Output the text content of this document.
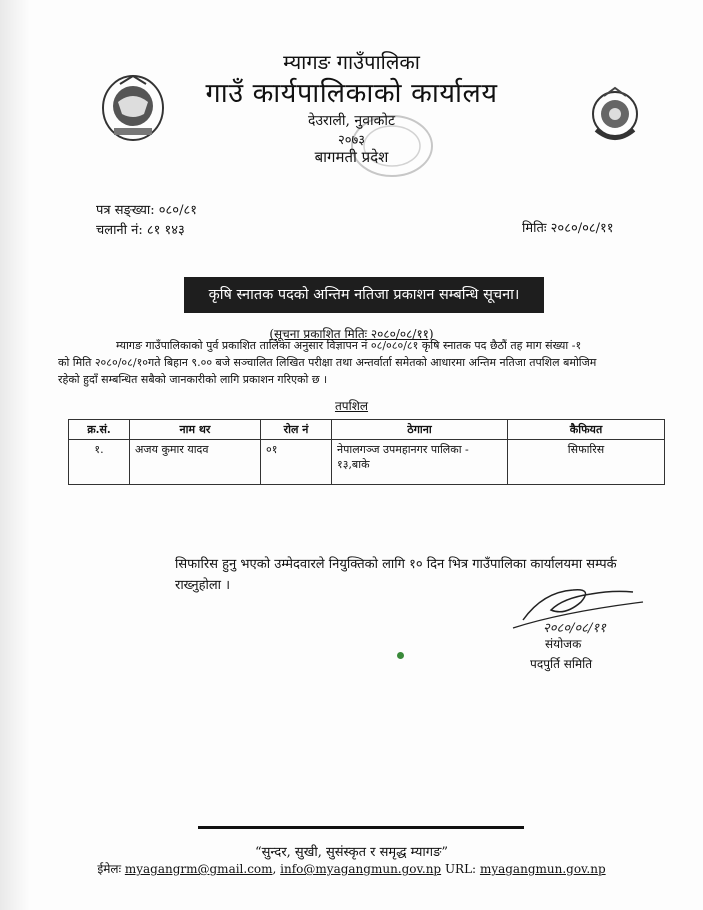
म्यागङ गाउँपालिका
गाउँ कार्यपालिकाको कार्यालय
देउराली, नुवाकोट
२०७३
बागमती प्रदेश
पत्र सङ्ख्या: ०८०/८१
चलानी नं: ८१ १४३	मितिः २०८०/०८/११
कृषि स्नातक पदको अन्तिम नतिजा प्रकाशन सम्बन्धि सूचना।
(सूचना प्रकाशित मितिः २०८०/०८/११)
म्यागङ गाउँपालिकाको पुर्व प्रकाशित तालिका अनुसार विज्ञापन नं ०८/०८०/८१ कृषि स्नातक पद छैठौं तह माग संख्या -१
को मिति २०८०/०८/१०गते बिहान ९.०० बजे सञ्चालित लिखित परीक्षा तथा अन्तर्वार्ता समेतको आधारमा अन्तिम नतिजा तपशिल बमोजिम
रहेको हुदाँ सम्बन्धित सबैको जानकारीको लागि प्रकाशन गरिएको छ ।
तपशिल
क्र.सं.	नाम थर	रोल नं	ठेगाना	कैफियत
१.	अजय कुमार यादव	०१	नेपालगञ्ज उपमहानगर पालिका - १३,बाके	सिफारिस
सिफारिस हुनु भएको उम्मेदवारले नियुक्तिको लागि १० दिन भित्र गाउँपालिका कार्यालयमा सम्पर्क राख्नुहोला ।
२०८०/०८/११
संयोजक
पदपुर्ति समिति
“सुन्दर, सुखी, सुसंस्कृत र समृद्ध म्यागङ”
ईमेलः myagangrm@gmail.com, info@myagangmun.gov.np URL: myagangmun.gov.np
